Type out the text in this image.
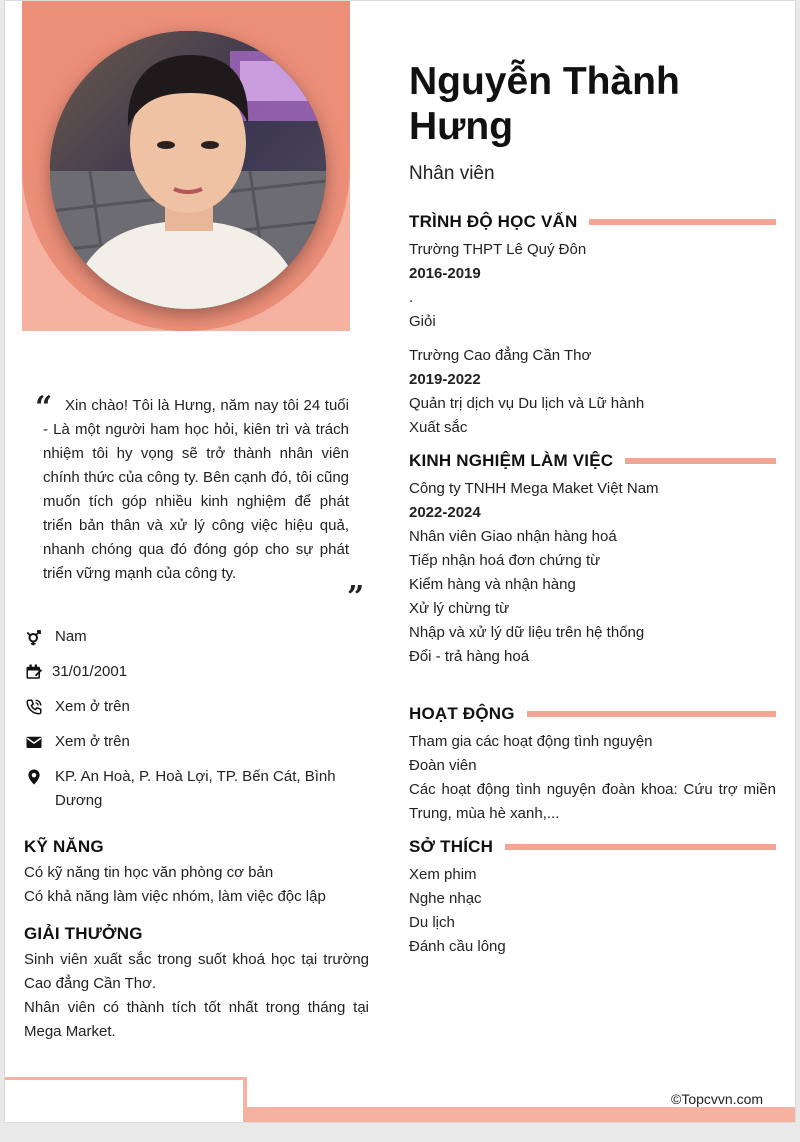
“ Xin chào! Tôi là Hưng, năm nay tôi 24 tuổi - Là một người ham học hỏi, kiên trì và trách nhiệm tôi hy vọng sẽ trở thành nhân viên chính thức của công ty. Bên cạnh đó, tôi cũng muốn tích góp nhiều kinh nghiệm để phát triển bản thân và xử lý công việc hiệu quả, nhanh chóng qua đó đóng góp cho sự phát triển vững mạnh của công ty.
”
Nam
31/01/2001
Xem ở trên
Xem ở trên
KP. An Hoà, P. Hoà Lợi, TP. Bến Cát, Bình Dương
KỸ NĂNG
Có kỹ năng tin học văn phòng cơ bản
Có khả năng làm việc nhóm, làm việc độc lập
GIẢI THƯỞNG
Sinh viên xuất sắc trong suốt khoá học tại trường Cao đẳng Cần Thơ.
Nhân viên có thành tích tốt nhất trong tháng tại Mega Market.
Nguyễn Thành Hưng
Nhân viên
TRÌNH ĐỘ HỌC VẤN
Trường THPT Lê Quý Đôn
2016-2019
.
Giỏi
Trường Cao đẳng Cần Thơ
2019-2022
Quản trị dịch vụ Du lịch và Lữ hành
Xuất sắc
KINH NGHIỆM LÀM VIỆC
Công ty TNHH Mega Maket Việt Nam
2022-2024
Nhân viên Giao nhận hàng hoá
Tiếp nhận hoá đơn chứng từ
Kiểm hàng và nhận hàng
Xử lý chừng từ
Nhập và xử lý dữ liệu trên hệ thống
Đổi - trả hàng hoá
HOẠT ĐỘNG
Tham gia các hoạt động tình nguyện
Đoàn viên
Các hoạt động tình nguyện đoàn khoa: Cứu trợ miền Trung, mùa hè xanh,...
SỞ THÍCH
Xem phim
Nghe nhạc
Du lịch
Đánh cầu lông
©Topcvvn.com
